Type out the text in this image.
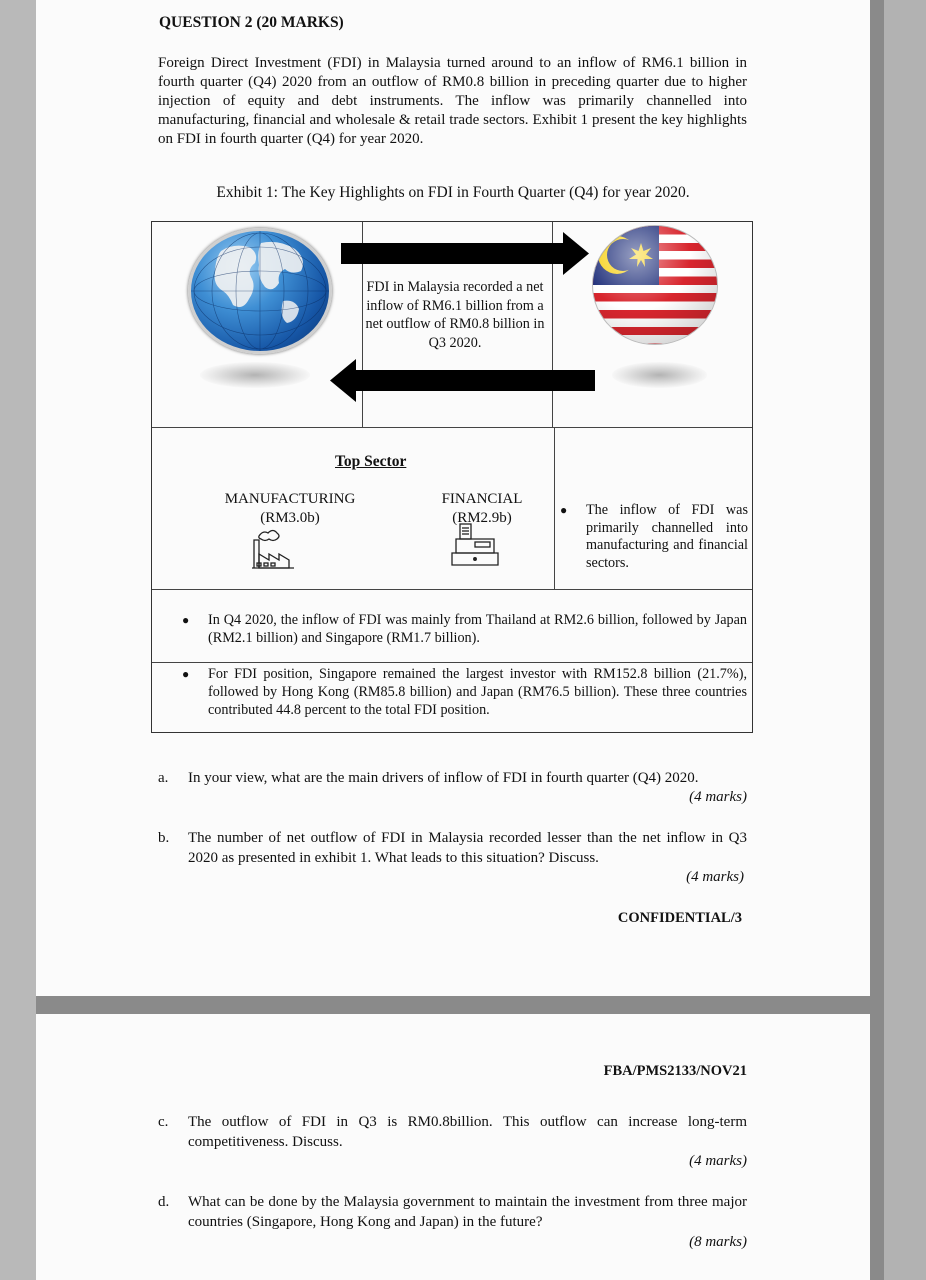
QUESTION 2 (20 MARKS)
Foreign Direct Investment (FDI) in Malaysia turned around to an inflow of RM6.1 billion in fourth quarter (Q4) 2020 from an outflow of RM0.8 billion in preceding quarter due to higher injection of equity and debt instruments. The inflow was primarily channelled into manufacturing, financial and wholesale & retail trade sectors. Exhibit 1 present the key highlights on FDI in fourth quarter (Q4) for year 2020.
Exhibit 1: The Key Highlights on FDI in Fourth Quarter (Q4) for year 2020.
FDI in Malaysia recorded a net inflow of RM6.1 billion from a net outflow of RM0.8 billion in Q3 2020.
Top Sector
MANUFACTURING
(RM3.0b)
FINANCIAL
(RM2.9b)	● The inflow of FDI was primarily channelled into manufacturing and financial sectors.
● In Q4 2020, the inflow of FDI was mainly from Thailand at RM2.6 billion, followed by Japan (RM2.1 billion) and Singapore (RM1.7 billion).
● For FDI position, Singapore remained the largest investor with RM152.8 billion (21.7%), followed by Hong Kong (RM85.8 billion) and Japan (RM76.5 billion). These three countries contributed 44.8 percent to the total FDI position.
a. In your view, what are the main drivers of inflow of FDI in fourth quarter (Q4) 2020.
(4 marks)
b. The number of net outflow of FDI in Malaysia recorded lesser than the net inflow in Q3 2020 as presented in exhibit 1. What leads to this situation? Discuss.
(4 marks)
CONFIDENTIAL/3
FBA/PMS2133/NOV21
c. The outflow of FDI in Q3 is RM0.8billion. This outflow can increase long-term competitiveness. Discuss.
(4 marks)
d. What can be done by the Malaysia government to maintain the investment from three major countries (Singapore, Hong Kong and Japan) in the future?
(8 marks)
